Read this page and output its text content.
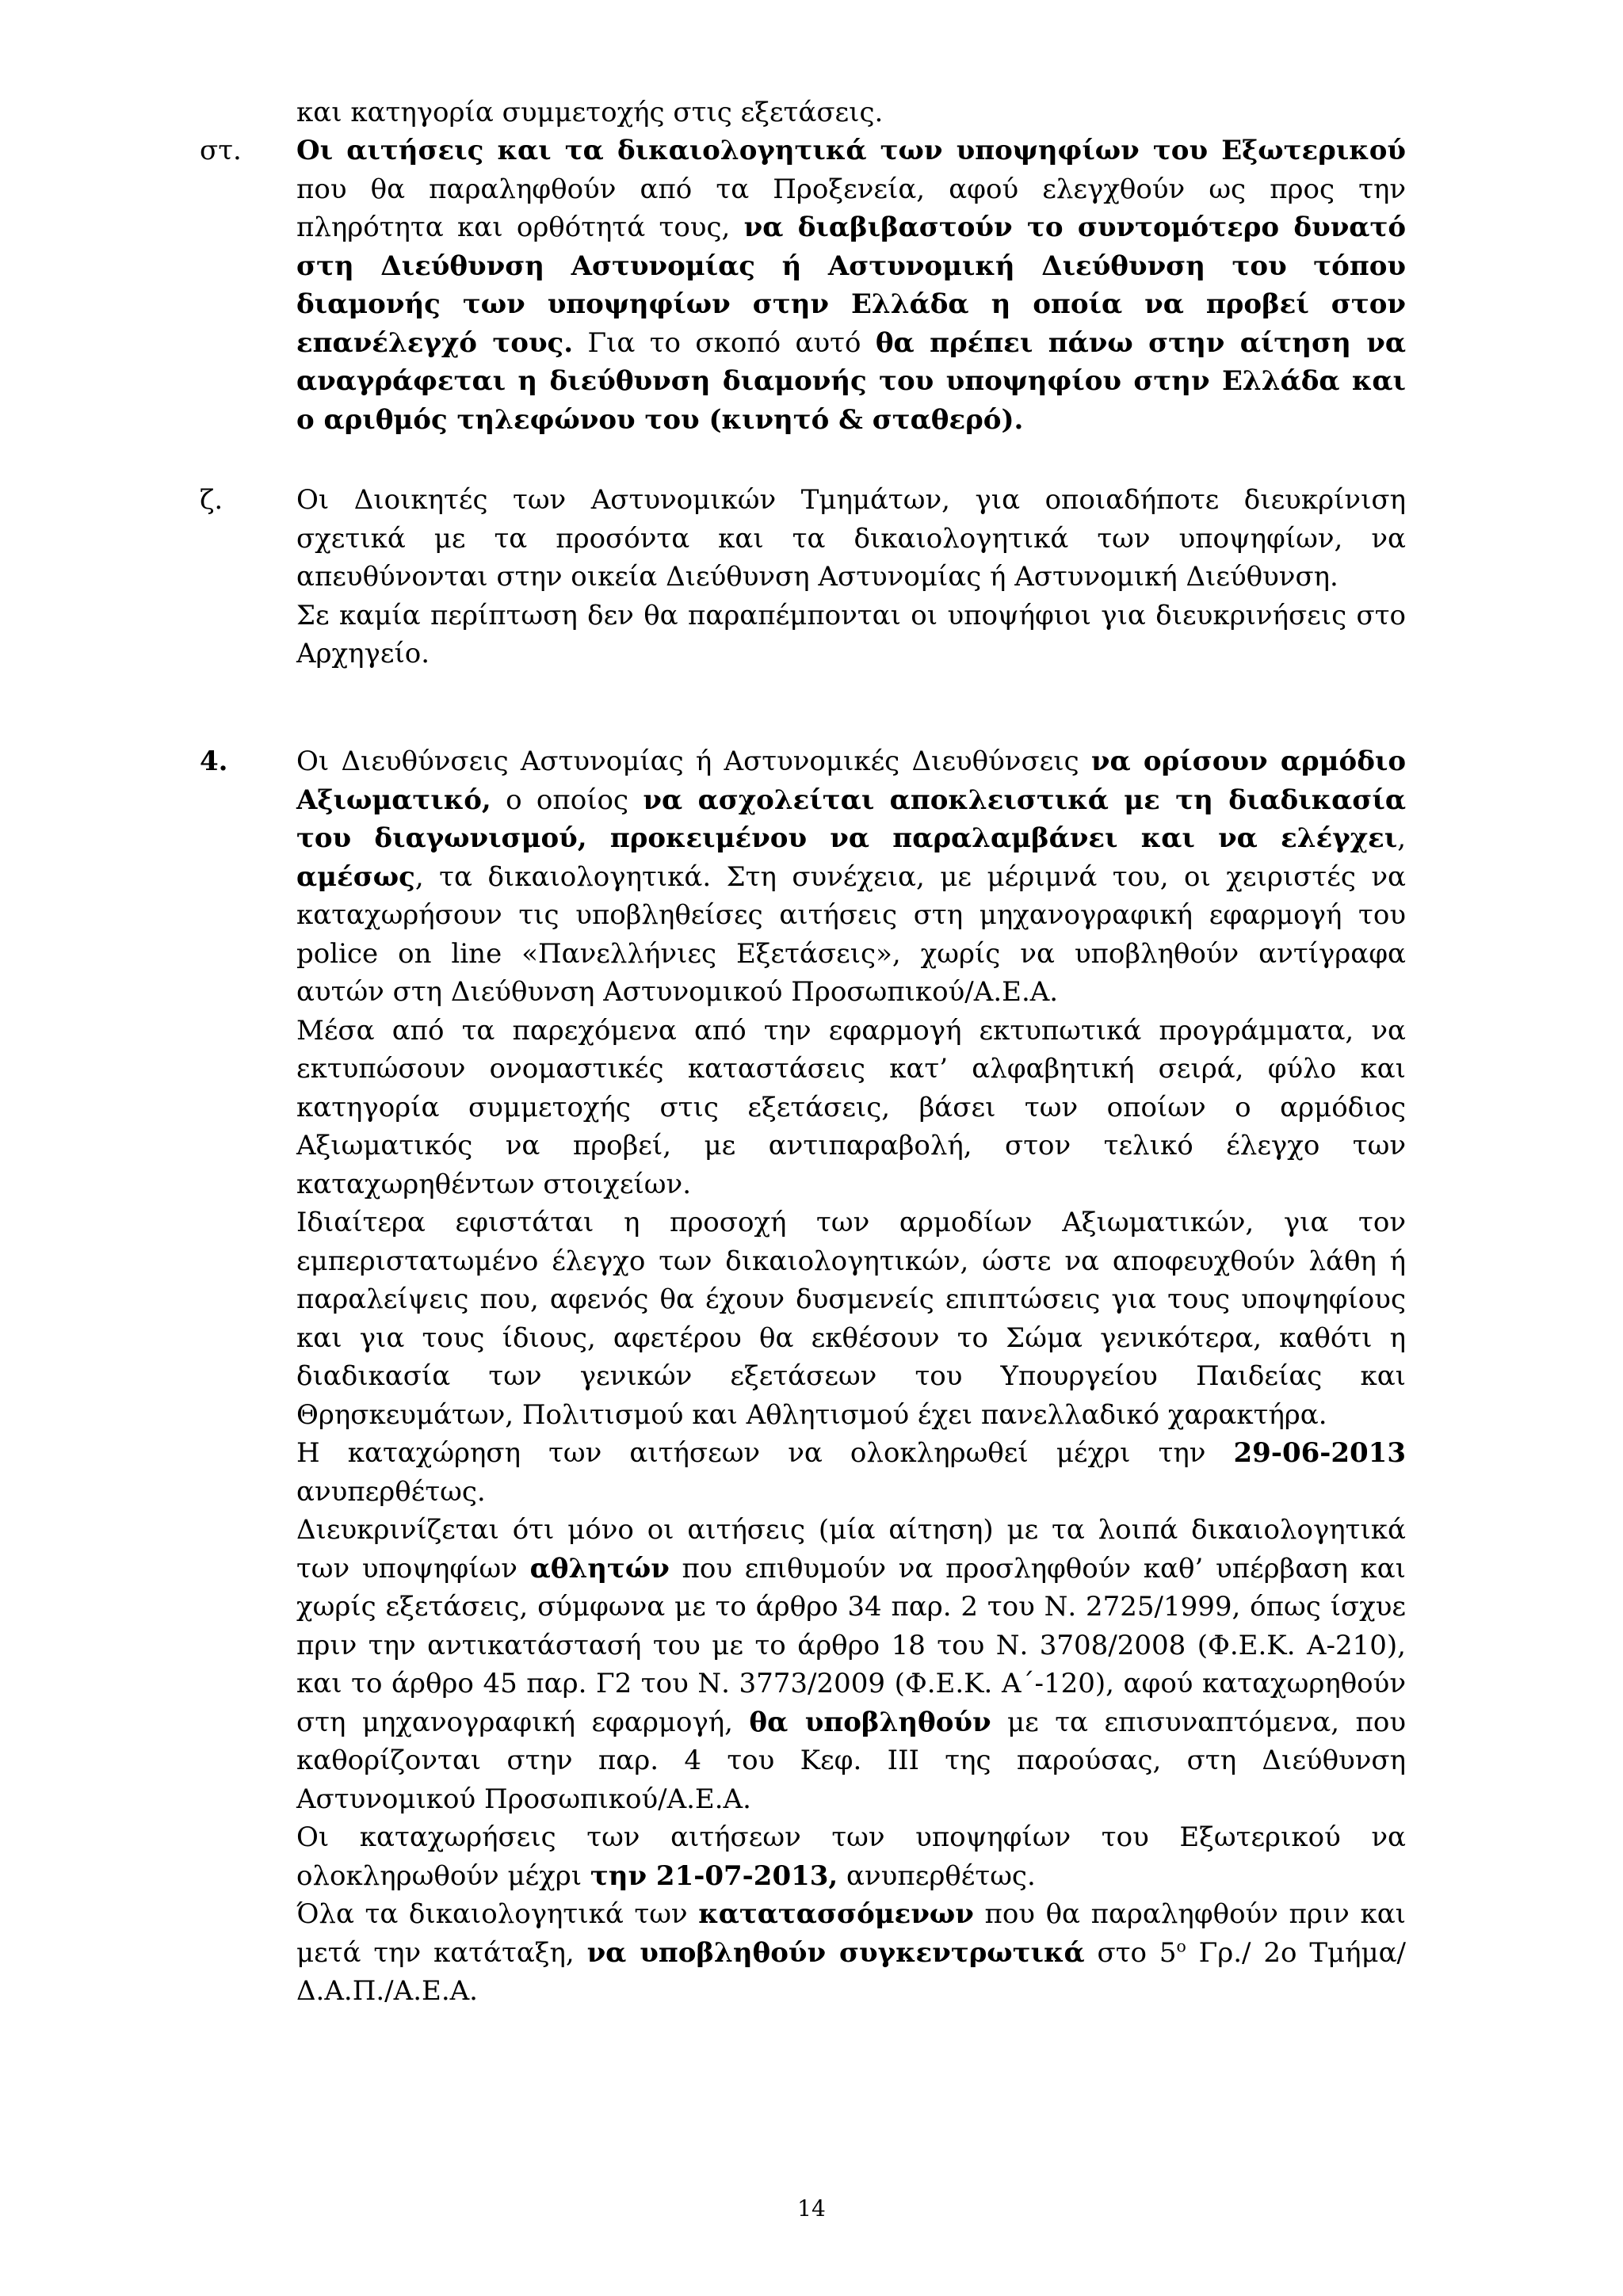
και κατηγορία συμμετοχής στις εξετάσεις.

στ. Οι αιτήσεις και τα δικαιολογητικά των υποψηφίων του Εξωτερικού που θα παραληφθούν από τα Προξενεία, αφού ελεγχθούν ως προς την πληρότητα και ορθότητά τους, να διαβιβαστούν το συντομότερο δυνατό στη Διεύθυνση Αστυνομίας ή Αστυνομική Διεύθυνση του τόπου διαμονής των υποψηφίων στην Ελλάδα η οποία να προβεί στον επανέλεγχό τους. Για το σκοπό αυτό θα πρέπει πάνω στην αίτηση να αναγράφεται η διεύθυνση διαμονής του υποψηφίου στην Ελλάδα και ο αριθμός τηλεφώνου του (κινητό & σταθερό).

ζ.	Οι Διοικητές των Αστυνομικών Τμημάτων, για οποιαδήποτε διευκρίνιση σχετικά με τα προσόντα και τα δικαιολογητικά των υποψηφίων, να απευθύνονται στην οικεία Διεύθυνση Αστυνομίας ή Αστυνομική Διεύθυνση.

Σε καμία περίπτωση δεν θα παραπέμπονται οι υποψήφιοι για διευκρινήσεις στο Αρχηγείο.

4.	Οι Διευθύνσεις Αστυνομίας ή Αστυνομικές Διευθύνσεις να ορίσουν αρμόδιο Αξιωματικό, ο οποίος να ασχολείται αποκλειστικά με τη διαδικασία του διαγωνισμού, προκειμένου να παραλαμβάνει και να ελέγχει, αμέσως, τα δικαιολογητικά. Στη συνέχεια, με μέριμνά του, οι χειριστές να καταχωρήσουν τις υποβληθείσες αιτήσεις στη μηχανογραφική εφαρμογή του police on line «Πανελλήνιες Εξετάσεις», χωρίς να υποβληθούν αντίγραφα αυτών στη Διεύθυνση Αστυνομικού Προσωπικού/Α.Ε.Α.

Μέσα από τα παρεχόμενα από την εφαρμογή εκτυπωτικά προγράμματα, να εκτυπώσουν ονομαστικές καταστάσεις κατ’ αλφαβητική σειρά, φύλο και κατηγορία συμμετοχής στις εξετάσεις, βάσει των οποίων ο αρμόδιος Αξιωματικός να προβεί, με αντιπαραβολή, στον τελικό έλεγχο των καταχωρηθέντων στοιχείων.

Ιδιαίτερα εφιστάται η προσοχή των αρμοδίων Αξιωματικών, για τον εμπεριστατωμένο έλεγχο των δικαιολογητικών, ώστε να αποφευχθούν λάθη ή παραλείψεις που, αφενός θα έχουν δυσμενείς επιπτώσεις για τους υποψηφίους και για τους ίδιους, αφετέρου θα εκθέσουν το Σώμα γενικότερα, καθότι η διαδικασία των γενικών εξετάσεων του Υπουργείου Παιδείας και Θρησκευμάτων, Πολιτισμού και Αθλητισμού έχει πανελλαδικό χαρακτήρα.

Η καταχώρηση των αιτήσεων να ολοκληρωθεί μέχρι την 29-06-2013 ανυπερθέτως.

Διευκρινίζεται ότι μόνο οι αιτήσεις (μία αίτηση) με τα λοιπά δικαιολογητικά των υποψηφίων αθλητών που επιθυμούν να προσληφθούν καθ’ υπέρβαση και χωρίς εξετάσεις, σύμφωνα με το άρθρο 34 παρ. 2 του Ν. 2725/1999, όπως ίσχυε πριν την αντικατάστασή του με το άρθρο 18 του Ν. 3708/2008 (Φ.Ε.Κ. Α-210), και το άρθρο 45 παρ. Γ2 του Ν. 3773/2009 (Φ.Ε.Κ. Α΄-120), αφού καταχωρηθούν στη μηχανογραφική εφαρμογή, θα υποβληθούν με τα επισυναπτόμενα, που καθορίζονται στην παρ. 4 του Κεφ. ΙΙΙ της παρούσας, στη Διεύθυνση Αστυνομικού Προσωπικού/Α.Ε.Α.

Οι καταχωρήσεις των αιτήσεων των υποψηφίων του Εξωτερικού να ολοκληρωθούν μέχρι την 21-07-2013, ανυπερθέτως.

Όλα τα δικαιολογητικά των κατατασσόμενων που θα παραληφθούν πριν και μετά την κατάταξη, να υποβληθούν συγκεντρωτικά στο $5^o$ Γρ./ 2ο Τμήμα/Δ.Α.Π./Α.Ε.Α.

14
